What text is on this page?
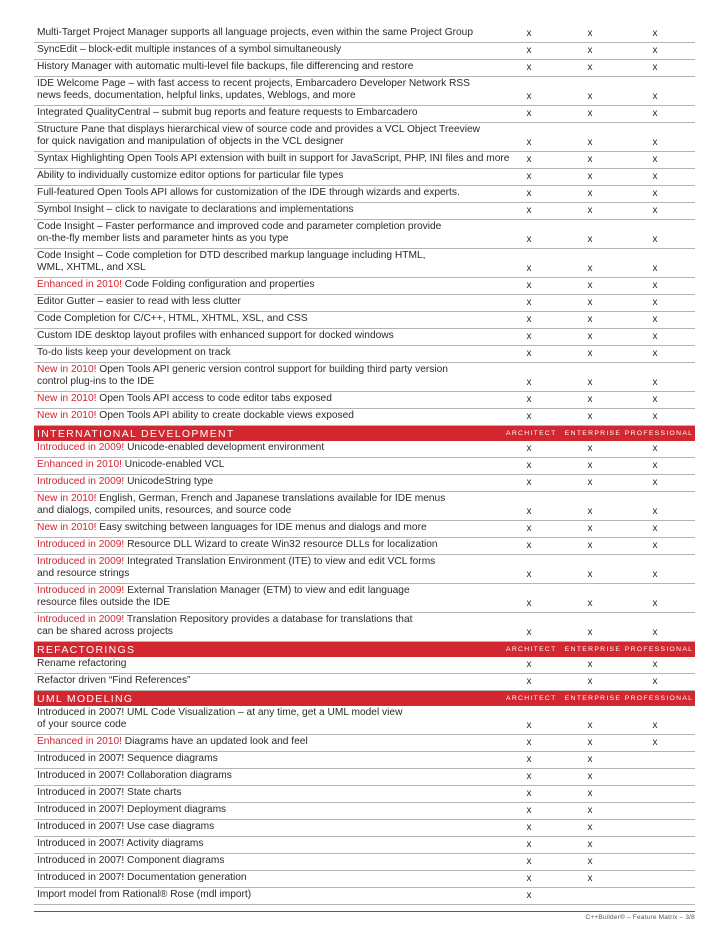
Multi-Target Project Manager supports all language projects, even within the same Project Group	x	x	x
SyncEdit – block-edit multiple instances of a symbol simultaneously	x	x	x
History Manager with automatic multi-level file backups, file differencing and restore	x	x	x
IDE Welcome Page – with fast access to recent projects, Embarcadero Developer Network RSS
news feeds, documentation, helpful links, updates, Weblogs, and more	x	x	x
Integrated QualityCentral – submit bug reports and feature requests to Embarcadero	x	x	x
Structure Pane that displays hierarchical view of source code and provides a VCL Object Treeview
for quick navigation and manipulation of objects in the VCL designer	x	x	x
Syntax Highlighting Open Tools API extension with built in support for JavaScript, PHP, INI files and more	x	x	x
Ability to individually customize editor options for particular file types	x	x	x
Full-featured Open Tools API allows for customization of the IDE through wizards and experts.	x	x	x
Symbol Insight – click to navigate to declarations and implementations	x	x	x
Code Insight – Faster performance and improved code and parameter completion provide
on-the-fly member lists and parameter hints as you type	x	x	x
Code Insight – Code completion for DTD described markup language including HTML,
WML, XHTML, and XSL	x	x	x
Enhanced in 2010! Code Folding configuration and properties	x	x	x
Editor Gutter – easier to read with less clutter	x	x	x
Code Completion for C/C++, HTML, XHTML, XSL, and CSS	x	x	x
Custom IDE desktop layout profiles with enhanced support for docked windows	x	x	x
To-do lists keep your development on track	x	x	x
New in 2010! Open Tools API generic version control support for building third party version
control plug-ins to the IDE	x	x	x
New in 2010! Open Tools API access to code editor tabs exposed	x	x	x
New in 2010! Open Tools API ability to create dockable views exposed	x	x	x
INTERNATIONAL DEVELOPMENT	ARCHITECT ENTERPRISE PROFESSIONAL
Introduced in 2009! Unicode-enabled development environment	x	x	x
Enhanced in 2010! Unicode-enabled VCL	x	x	x
Introduced in 2009! UnicodeString type	x	x	x
New in 2010! English, German, French and Japanese translations available for IDE menus
and dialogs, compiled units, resources, and source code	x	x	x
New in 2010! Easy switching between languages for IDE menus and dialogs and more	x	x	x
Introduced in 2009! Resource DLL Wizard to create Win32 resource DLLs for localization	x	x	x
Introduced in 2009! Integrated Translation Environment (ITE) to view and edit VCL forms
and resource strings	x	x	x
Introduced in 2009! External Translation Manager (ETM) to view and edit language
resource files outside the IDE	x	x	x
Introduced in 2009! Translation Repository provides a database for translations that
can be shared across projects	x	x	x
REFACTORINGS	ARCHITECT ENTERPRISE PROFESSIONAL
Rename refactoring	x	x	x
Refactor driven “Find References”	x	x	x
UML MODELING	ARCHITECT ENTERPRISE PROFESSIONAL
Introduced in 2007! UML Code Visualization – at any time, get a UML model view
of your source code	x	x	x
Enhanced in 2010! Diagrams have an updated look and feel	x	x	x
Introduced in 2007! Sequence diagrams	x	x
Introduced in 2007! Collaboration diagrams	x	x
Introduced in 2007! State charts	x	x
Introduced in 2007! Deployment diagrams	x	x
Introduced in 2007! Use case diagrams	x	x
Introduced in 2007! Activity diagrams	x	x
Introduced in 2007! Component diagrams	x	x
Introduced in 2007! Documentation generation	x	x
Import model from Rational® Rose (mdl import)	x
C++Builder® – Feature Matrix – 3/8
